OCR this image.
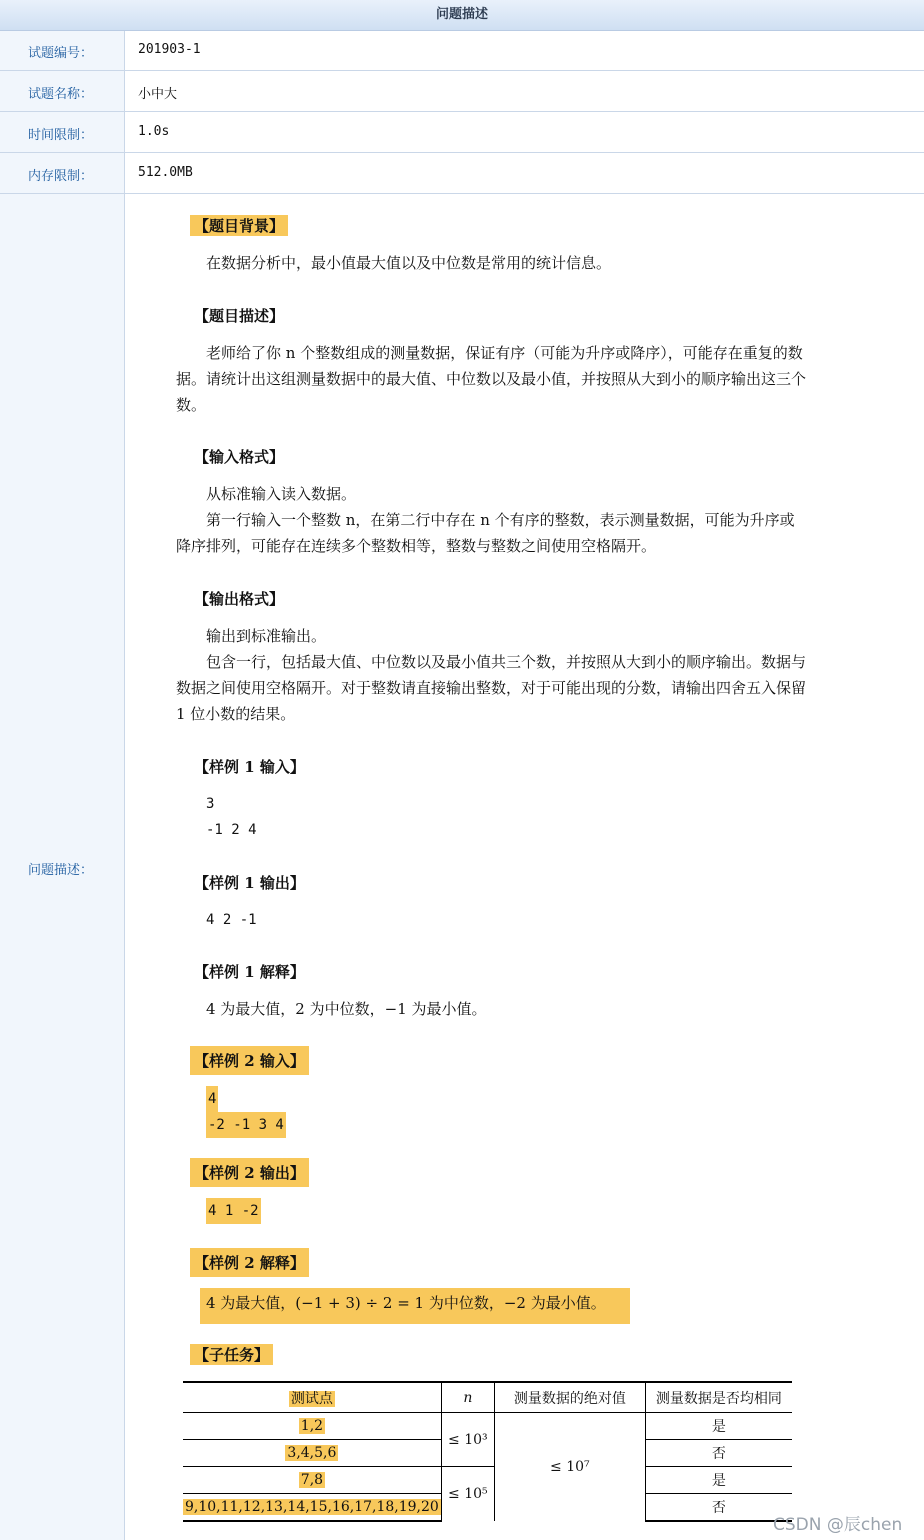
问题描述
试题编号：	201903-1
试题名称：	小中大
时间限制：	1.0s
内存限制：	512.0MB
问题描述：
【题目背景】
在数据分析中，最小值最大值以及中位数是常用的统计信息。
【题目描述】
老师给了你 n 个整数组成的测量数据，保证有序（可能为升序或降序），可能存在重复的数据。请统计出这组测量数据中的最大值、中位数以及最小值，并按照从大到小的顺序输出这三个数。
【输入格式】
从标准输入读入数据。
第一行输入一个整数 n，在第二行中存在 n 个有序的整数，表示测量数据，可能为升序或降序排列，可能存在连续多个整数相等，整数与整数之间使用空格隔开。
【输出格式】
输出到标准输出。
包含一行，包括最大值、中位数以及最小值共三个数，并按照从大到小的顺序输出。数据与数据之间使用空格隔开。对于整数请直接输出整数，对于可能出现的分数，请输出四舍五入保留 1 位小数的结果。
【样例 1 输入】
3
-1 2 4
【样例 1 输出】
4 2 -1
【样例 1 解释】
4 为最大值，2 为中位数，−1 为最小值。
【样例 2 输入】
4
-2 -1 3 4
【样例 2 输出】
4 1 -2
【样例 2 解释】
4 为最大值，(−1 + 3) ÷ 2 = 1 为中位数，−2 为最小值。
【子任务】
测试点	n	测量数据的绝对值	测量数据是否均相同
1,2	≤ 10³	≤ 10⁷	是
3,4,5,6			否
7,8	≤ 10⁵		是
9,10,11,12,13,14,15,16,17,18,19,20			否
CSDN @辰chen
